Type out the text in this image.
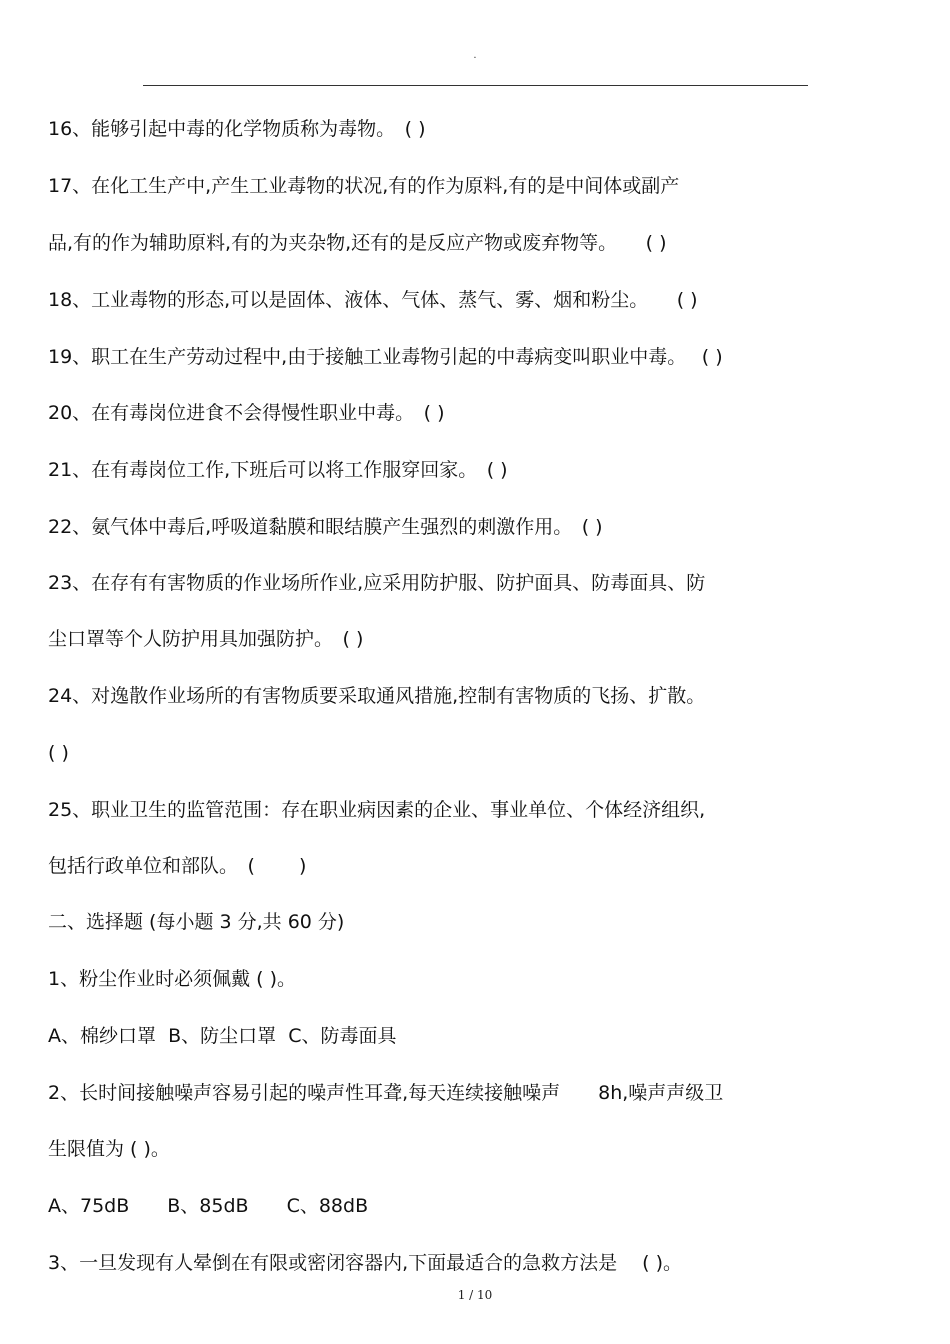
.
16、能够引起中毒的化学物质称为毒物。　( )
17、在化工生产中,产生工业毒物的状况,有的作为原料,有的是中间体或副产
品,有的作为辅助原料,有的为夹杂物,还有的是反应产物或废弃物等。　　( )
18、工业毒物的形态,可以是固体、液体、气体、蒸气、雾、烟和粉尘。　　( )
19、职工在生产劳动过程中,由于接触工业毒物引起的中毒病变叫职业中毒。　 ( )
20、在有毒岗位进食不会得慢性职业中毒。　( )
21、在有毒岗位工作,下班后可以将工作服穿回家。　( )
22、氨气体中毒后,呼吸道黏膜和眼结膜产生强烈的刺激作用。　( )
23、在存有有害物质的作业场所作业,应采用防护服、防护面具、防毒面具、防
尘口罩等个人防护用具加强防护。　( )
24、对逸散作业场所的有害物质要采取通风措施,控制有害物质的飞扬、扩散。
( )
25、职业卫生的监管范围：存在职业病因素的企业、事业单位、个体经济组织,
包括行政单位和部队。　(　　 )
二、选择题 (每小题 3 分,共 60 分)
1、粉尘作业时必须佩戴 ( )。
A、棉纱口罩  B、防尘口罩  C、防毒面具
2、长时间接触噪声容易引起的噪声性耳聋,每天连续接触噪声　　8h,噪声声级卫
生限值为 ( )。
A、75dB　　B、85dB　　C、88dB
3、一旦发现有人晕倒在有限或密闭容器内,下面最适合的急救方法是　 ( )。
1 / 10
